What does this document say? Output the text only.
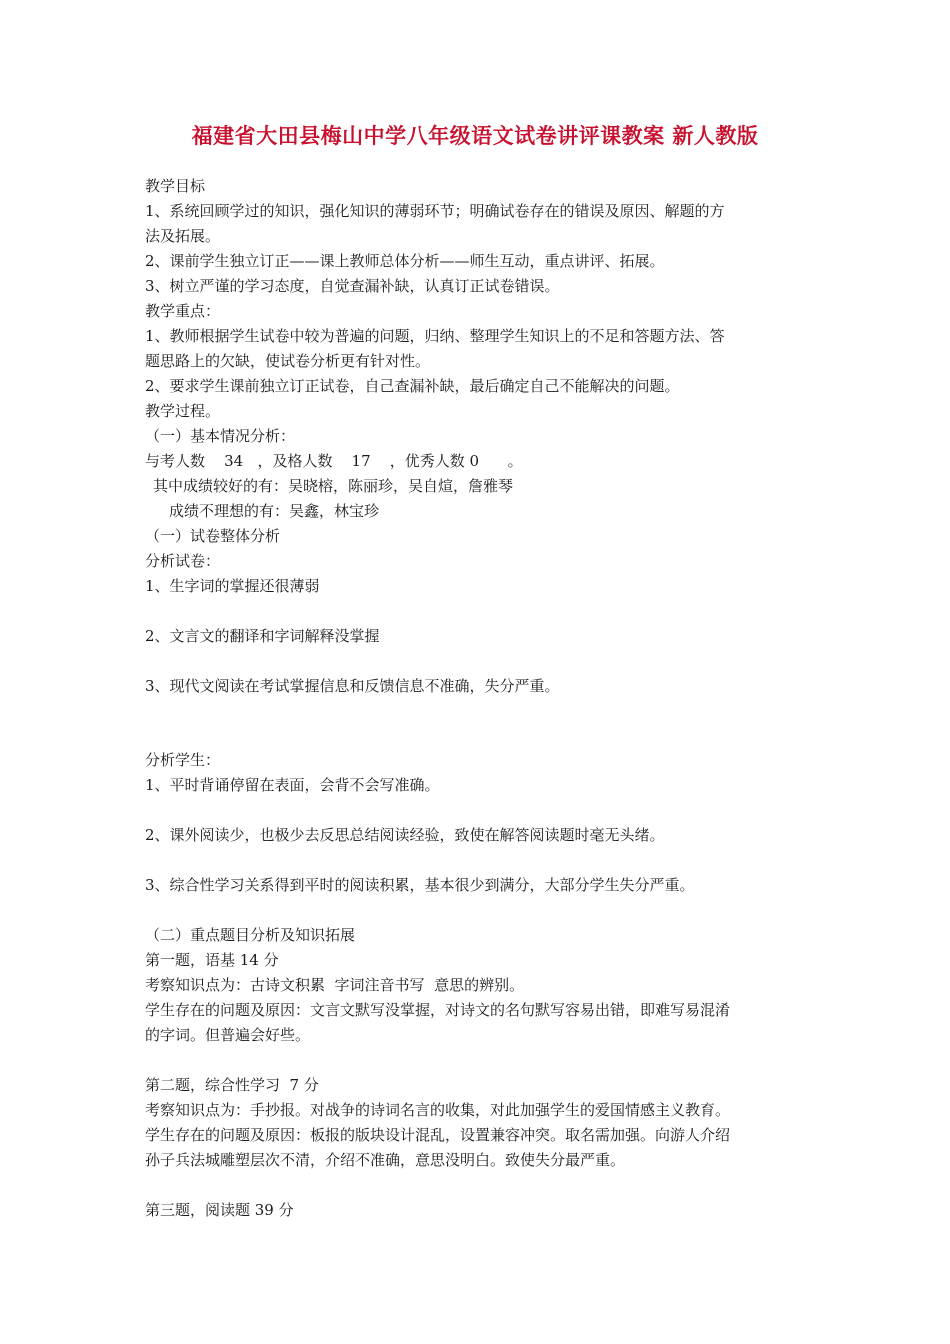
福建省大田县梅山中学八年级语文试卷讲评课教案 新人教版

教学目标

1、系统回顾学过的知识，强化知识的薄弱环节；明确试卷存在的错误及原因、解题的方

法及拓展。

2、课前学生独立订正——课上教师总体分析——师生互动，重点讲评、拓展。

3、树立严谨的学习态度，自觉查漏补缺，认真订正试卷错误。

教学重点：

1、教师根据学生试卷中较为普遍的问题，归纳、整理学生知识上的不足和答题方法、答

题思路上的欠缺，使试卷分析更有针对性。

2、要求学生课前独立订正试卷，自己查漏补缺，最后确定自己不能解决的问题。

教学过程。

（一）基本情况分析：

与考人数    34   ，及格人数    17    ，优秀人数 0      。

其中成绩较好的有：吴晓榕，陈丽珍，吴自煊，詹雅琴

成绩不理想的有：吴鑫，林宝珍

（一）试卷整体分析

分析试卷：

1、生字词的掌握还很薄弱

2、文言文的翻译和字词解释没掌握

3、现代文阅读在考试掌握信息和反馈信息不准确，失分严重。

分析学生：

1、平时背诵停留在表面，会背不会写准确。

2、课外阅读少，也极少去反思总结阅读经验，致使在解答阅读题时毫无头绪。

3、综合性学习关系得到平时的阅读积累，基本很少到满分，大部分学生失分严重。

（二）重点题目分析及知识拓展

第一题，语基 14 分

考察知识点为：古诗文积累  字词注音书写  意思的辨别。

学生存在的问题及原因：文言文默写没掌握，对诗文的名句默写容易出错，即难写易混淆

的字词。但普遍会好些。

第二题，综合性学习  7 分

考察知识点为：手抄报。对战争的诗词名言的收集，对此加强学生的爱国情感主义教育。

学生存在的问题及原因：板报的版块设计混乱，设置兼容冲突。取名需加强。向游人介绍

孙子兵法城雕塑层次不清，介绍不准确，意思没明白。致使失分最严重。

第三题，阅读题 39 分
